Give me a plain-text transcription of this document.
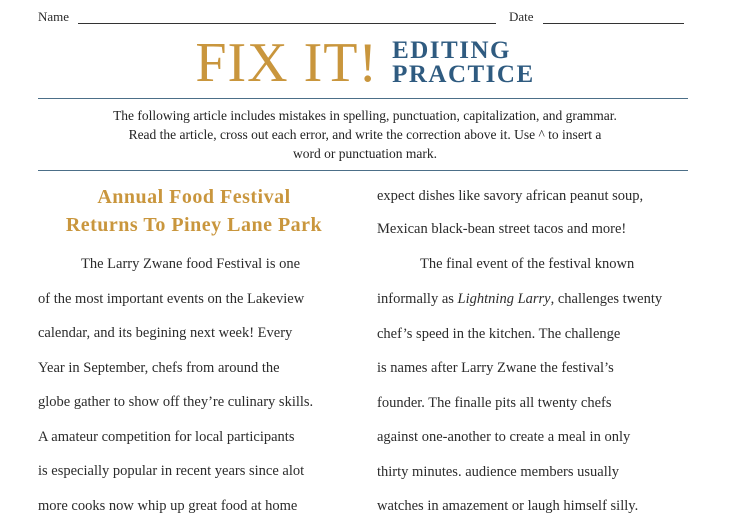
Name	Date
FIX IT! EDITING
PRACTICE
The following article includes mistakes in spelling, punctuation, capitalization, and grammar.
Read the article, cross out each error, and write the correction above it. Use ^ to insert a
word or punctuation mark.
Annual Food Festival
Returns To Piney Lane Park
The Larry Zwane food Festival is one
of the most important events on the Lakeview
calendar, and its begining next week! Every
Year in September, chefs from around the
globe gather to show off they’re culinary skills.
A amateur competition for local participants
is especially popular in recent years since alot
more cooks now whip up great food at home
expect dishes like savory african peanut soup,
Mexican black-bean street tacos and more!
The final event of the festival known
informally as Lightning Larry, challenges twenty
chef’s speed in the kitchen. The challenge
is names after Larry Zwane the festival’s
founder. The finalle pits all twenty chefs
against one-another to create a meal in only
thirty minutes. audience members usually
watches in amazement or laugh himself silly.
